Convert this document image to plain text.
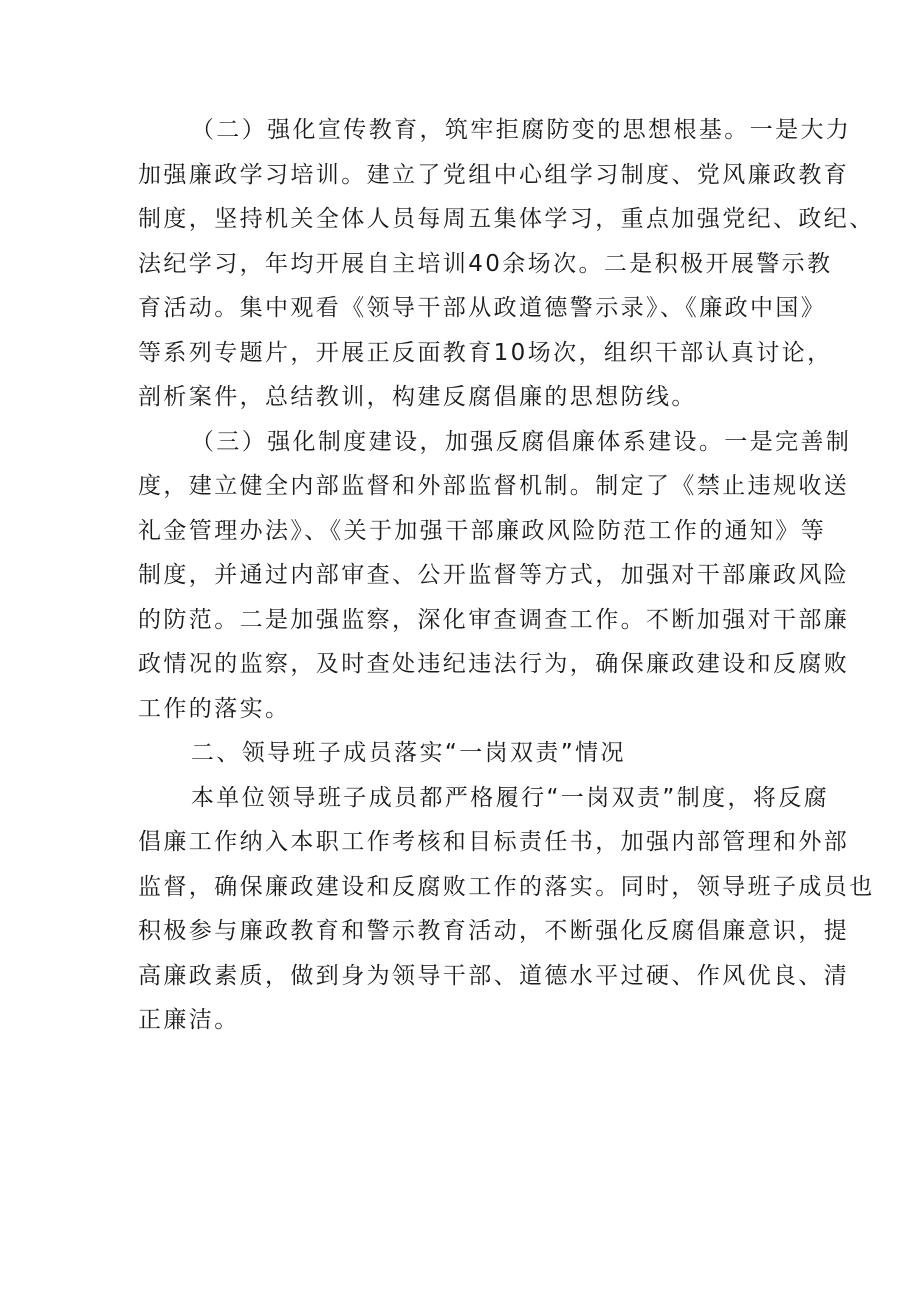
（二）强化宣传教育，筑牢拒腐防变的思想根基。一是大力
加强廉政学习培训。建立了党组中心组学习制度、党风廉政教育
制度，坚持机关全体人员每周五集体学习，重点加强党纪、政纪、
法纪学习，年均开展自主培训40余场次。二是积极开展警示教
育活动。集中观看《领导干部从政道德警示录》、《廉政中国》
等系列专题片，开展正反面教育10场次，组织干部认真讨论，
剖析案件，总结教训，构建反腐倡廉的思想防线。

（三）强化制度建设，加强反腐倡廉体系建设。一是完善制
度，建立健全内部监督和外部监督机制。制定了《禁止违规收送
礼金管理办法》、《关于加强干部廉政风险防范工作的通知》等
制度，并通过内部审查、公开监督等方式，加强对干部廉政风险
的防范。二是加强监察，深化审查调查工作。不断加强对干部廉
政情况的监察，及时查处违纪违法行为，确保廉政建设和反腐败
工作的落实。

二、领导班子成员落实“一岗双责”情况

本单位领导班子成员都严格履行“一岗双责”制度，将反腐
倡廉工作纳入本职工作考核和目标责任书，加强内部管理和外部
监督，确保廉政建设和反腐败工作的落实。同时，领导班子成员也
积极参与廉政教育和警示教育活动，不断强化反腐倡廉意识，提
高廉政素质，做到身为领导干部、道德水平过硬、作风优良、清
正廉洁。
